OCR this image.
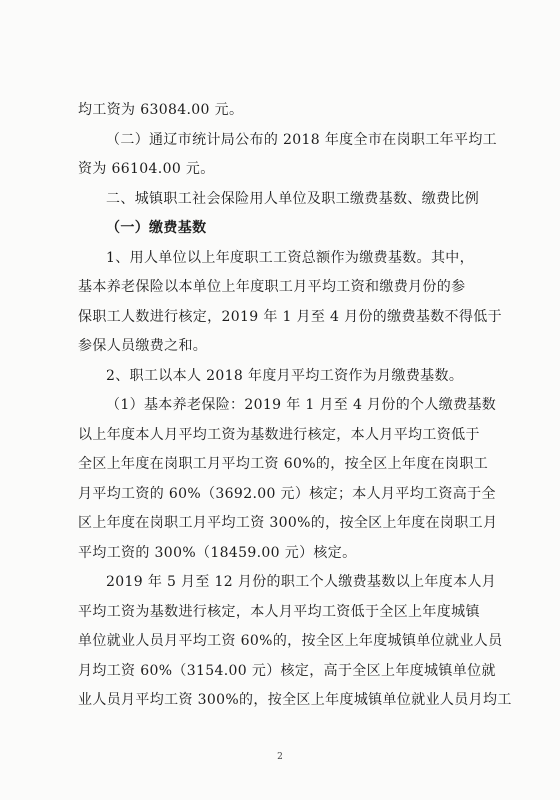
均工资为 63084.00 元。
（二）通辽市统计局公布的 2018 年度全市在岗职工年平均工
资为 66104.00 元。
二、城镇职工社会保险用人单位及职工缴费基数、缴费比例
（一）缴费基数
1、用人单位以上年度职工工资总额作为缴费基数。其中，
基本养老保险以本单位上年度职工月平均工资和缴费月份的参
保职工人数进行核定，2019 年 1 月至 4 月份的缴费基数不得低于
参保人员缴费之和。
2、职工以本人 2018 年度月平均工资作为月缴费基数。
（1）基本养老保险：2019 年 1 月至 4 月份的个人缴费基数
以上年度本人月平均工资为基数进行核定，本人月平均工资低于
全区上年度在岗职工月平均工资 60%的，按全区上年度在岗职工
月平均工资的 60%（3692.00 元）核定；本人月平均工资高于全
区上年度在岗职工月平均工资 300%的，按全区上年度在岗职工月
平均工资的 300%（18459.00 元）核定。
2019 年 5 月至 12 月份的职工个人缴费基数以上年度本人月
平均工资为基数进行核定，本人月平均工资低于全区上年度城镇
单位就业人员月平均工资 60%的，按全区上年度城镇单位就业人员
月均工资 60%（3154.00 元）核定，高于全区上年度城镇单位就
业人员月平均工资 300%的，按全区上年度城镇单位就业人员月均工
2
